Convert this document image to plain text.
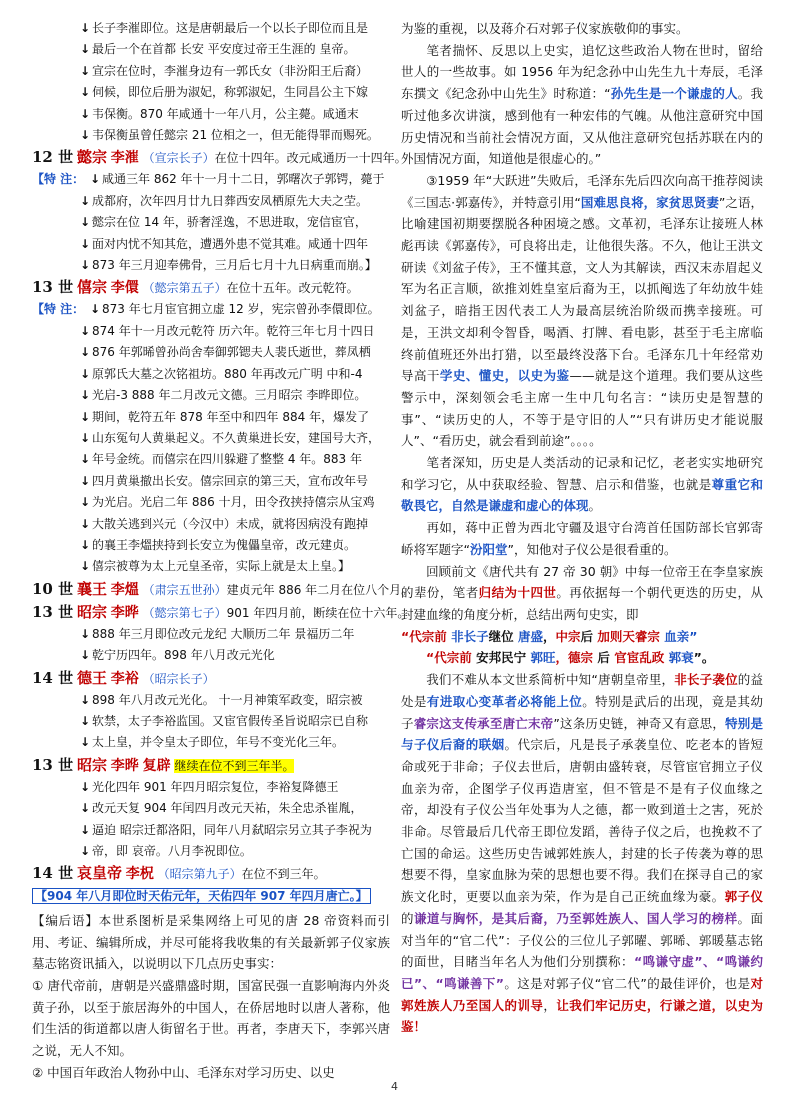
↓ 长子李漼即位。这是唐朝最后一个以长子即位而且是
↓ 最后一个在首都 长安 平安度过帝王生涯的 皇帝。
↓ 宣宗在位时，李漼身边有一郭氏女（非汾阳王后裔）
↓ 伺候，即位后册为淑妃，称郭淑妃，生同昌公主下嫁
↓ 韦保衡。870 年咸通十一年八月，公主薨。咸通末
↓ 韦保衡虽曾任懿宗 21 位相之一，但无能得罪而赐死。
12 世 懿宗 李漼 （宣宗长子）在位十四年。改元咸通历一十四年。
【特 注： ↓ 咸通三年 862 年十一月十二日，郭曙次子郭锷，薨于
↓ 成都府，次年四月廿九日葬西安凤栖原先大夫之茔。
↓ 懿宗在位 14 年，骄奢淫逸，不思进取，宠信宦官，
↓ 面对内忧不知其危，遭遇外患不觉其难。咸通十四年
↓ 873 年三月迎奉佛骨，三月后七月十九日病重而崩。】
13 世 僖宗 李儇 （懿宗第五子）在位十五年。改元乾符。
【特 注： ↓ 873 年七月宦官拥立虚 12 岁，宪宗曾孙李儇即位。
↓ 874 年十一月改元乾符 历六年。乾符三年七月十四日
↓ 876 年郭晞曾孙尚舍奉御郭锶夫人裴氏逝世，葬凤栖
↓ 原郭氏大墓之次铭祖坊。880 年再改元广明 中和-4
↓ 光启-3 888 年二月改元文德。三月昭宗 李晔即位。
↓ 期间，乾符五年 878 年至中和四年 884 年，爆发了
↓ 山东冤句人黄巢起义。不久黄巢进长安，建国号大齐，
↓ 年号金统。而僖宗在四川躲避了整整 4 年。883 年
↓ 四月黄巢撤出长安。僖宗回京的第三天，宣布改年号
↓ 为光启。光启二年 886 十月，田令孜挟持僖宗从宝鸡
↓ 大散关逃到兴元（今汉中）未成，就将因病没有跑掉
↓ 的襄王李熅挟持到长安立为傀儡皇帝，改元建贞。
↓ 僖宗被尊为太上元皇圣帝，实际上就是太上皇。】
10 世 襄王 李熅 （肃宗五世孙）建贞元年 886 年二月在位八个月。
13 世 昭宗 李晔 （懿宗第七子）901 年四月前，断续在位十六年。
↓ 888 年三月即位改元龙纪 大顺历二年 景福历二年
↓ 乾宁历四年。898 年八月改元光化
14 世 德王 李裕 （昭宗长子）
↓ 898 年八月改元光化。 十一月神策军政变，昭宗被
↓ 软禁，太子李裕监国。又宦官假传圣旨说昭宗已自称
↓ 太上皇，并令皇太子即位，年号不变光化三年。
13 世 昭宗 李晔 复辟 继续在位不到三年半。
↓ 光化四年 901 年四月昭宗复位，李裕复降德王
↓ 改元天复 904 年闰四月改元天祐，朱全忠杀崔胤，
↓ 逼迫 昭宗迁都洛阳，同年八月弑昭宗另立其子李祝为
↓ 帝，即 哀帝。八月李祝即位。
14 世 哀皇帝 李柷 （昭宗第九子）在位不到三年。
【904 年八月即位时天佑元年，天佑四年 907 年四月唐亡。】
【编后语】本世系图析是采集网络上可见的唐 28 帝资料而引用、考证、编辑所成，并尽可能将我收集的有关最新郭子仪家族墓志铭资讯插入，以说明以下几点历史事实：
① 唐代帝前，唐朝是兴盛鼎盛时期，国富民强一直影响海内外炎黄子孙，以至于旅居海外的中国人，在侨居地时以唐人著称，他们生活的街道都以唐人街留名于世。再者，李唐天下，李郭兴唐之说，无人不知。
② 中国百年政治人物孙中山、毛泽东对学习历史、以史
为鉴的重视，以及蒋介石对郭子仪家族敬仰的事实。
笔者揣怀、反思以上史实，追忆这些政治人物在世时，留给世人的一些故事。如 1956 年为纪念孙中山先生九十寿辰，毛泽东撰文《纪念孙中山先生》时称道：“孙先生是一个谦虚的人。我听过他多次讲演，感到他有一种宏伟的气魄。从他注意研究中国历史情况和当前社会情况方面，又从他注意研究包括苏联在内的外国情况方面，知道他是很虚心的。”
③1959 年“大跃进”失败后，毛泽东先后四次向高干推荐阅读《三国志·郭嘉传》，并特意引用“国难思良将，家贫思贤妻”之语，比喻建国初期要摆脱各种困境之感。文革初，毛泽东让接班人林彪再读《郭嘉传》，可良将出走，让他很失落。不久，他让王洪文研读《刘盆子传》，王不懂其意，文人为其解读，西汉末赤眉起义军为名正言顺，欲推刘姓皇室后裔为王，以抓阄选了年幼放牛娃刘盆子，暗指王因代表工人为最高层统治阶级而携幸接班。可是，王洪文却利令智昏，喝酒、打牌、看电影，甚至于毛主席临终前值班还外出打猎，以至最终没落下台。毛泽东几十年经常劝导高干学史、懂史，以史为鉴——就是这个道理。我们要从这些警示中，深刻领会毛主席一生中几句名言：“读历史是智慧的事”、“读历史的人，不等于是守旧的人”“只有讲历史才能说服人”、“看历史，就会看到前途”。。。。
笔者深知，历史是人类活动的记录和记忆，老老实实地研究和学习它，从中获取经验、智慧、启示和借鉴，也就是尊重它和敬畏它，自然是谦虚和虚心的体现。
再如，蒋中正曾为西北守疆及退守台湾首任国防部长官郭寄峤将军题字“汾阳堂”，知他对子仪公是很看重的。
回顾前文《唐代共有 27 帝 30 朝》中每一位帝王在李皇家族的辈份，笔者归结为十四世。再依据每一个朝代更迭的历史，从封建血缘的角度分析，总结出两句史实，即
“代宗前 非长子继位 唐盛，中宗后 加则天睿宗 血亲”
“代宗前 安邦民宁 郭旺，德宗 后 官宦乱政 郭衰”。
我们不难从本文世系简析中知“唐朝皇帝里，非长子袭位的益处是有进取心变革者必将能上位。特别是武后的出现，竟是其幼子睿宗这支传承至唐亡末帝”这条历史链，神奇又有意思，特别是与子仪后裔的联姻。代宗后，凡是長子承袭皇位、吃老本的皆短命或死于非命；子仪去世后，唐朝由盛转衰，尽管宦官拥立子仪血亲为帝，企图学子仪再造唐室，但不管是不是有子仪血缘之帝，却没有子仪公当年处事为人之德，都一败到道士之害，死於非命。尽管最后几代帝王即位发蹈，善待子仪之后，也挽救不了亡国的命运。这些历史告诫郭姓族人，封建的长子传袭为尊的思想要不得，皇家血脉为荣的思想也要不得。我们在探寻自己的家族文化时，更要以血亲为荣，作为是自己正统血缘为豪。郭子仪的谦道与胸怀，是其后裔，乃至郭姓族人、国人学习的榜样。面对当年的“官二代”：子仪公的三位儿子郭曜、郭晞、郭暖墓志铭的面世，目睹当年名人为他们分别撰称：“鸣谦守虚”、“鸣谦约已”、“鸣谦善下”。这是对郭子仪“官二代”的最佳评价，也是对郭姓族人乃至国人的训导，让我们牢记历史，行谦之道，以史为鉴！
4
